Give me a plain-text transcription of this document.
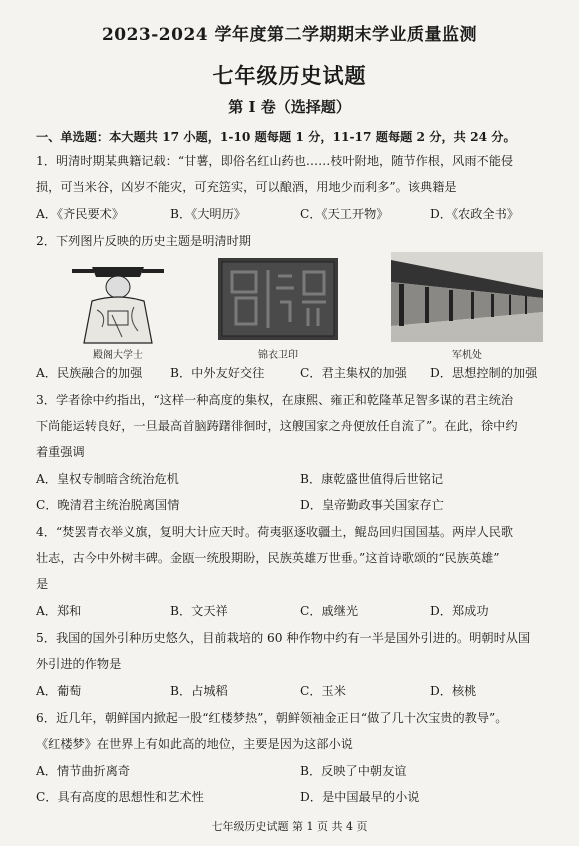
2023-2024 学年度第二学期期末学业质量监测
七年级历史试题
第 I 卷（选择题）
一、单选题：本大题共 17 小题，1-10 题每题 1 分，11-17 题每题 2 分，共 24 分。
1．明清时期某典籍记载：“甘薯，即俗名红山药也……枝叶附地，随节作根，风雨不能侵
损，可当米谷，凶岁不能灾，可充笾实，可以酿酒，用地少而利多”。该典籍是
A．《齐民要术》	B．《大明历》	C．《天工开物》	D．《农政全书》
2．下列图片反映的历史主题是明清时期
殿阁大学士	锦衣卫印	军机处
A．民族融合的加强 B．中外友好交往	C．君主集权的加强 D．思想控制的加强
3．学者徐中约指出，“这样一种高度的集权，在康熙、雍正和乾隆革足智多谋的君主统治
下尚能运转良好，一旦最高首脑踌躇徘徊时，这艘国家之舟便放任自流了”。在此，徐中约
着重强调
A．皇权专制暗含统治危机	B．康乾盛世值得后世铭记
C．晚清君主统治脱离国情	D．皇帝勤政事关国家存亡
4．“焚罢青衣举义旗，复明大计应天时。荷夷驱逐收疆土，鲲岛回归国国基。两岸人民歌
壮志，古今中外树丰碑。金瓯一统殷期盼，民族英雄万世垂。”这首诗歌颂的“民族英雄”
是
A．郑和	B．文天祥	C．戚继光	D．郑成功
5．我国的国外引种历史悠久，目前栽培的 60 种作物中约有一半是国外引进的。明朝时从国
外引进的作物是
A．葡萄	B．占城稻	C．玉米	D．核桃
6．近几年，朝鲜国内掀起一股“红楼梦热”，朝鲜领袖金正日“做了几十次宝贵的教导”。
《红楼梦》在世界上有如此高的地位，主要是因为这部小说
A．情节曲折离奇	B．反映了中朝友谊
C．具有高度的思想性和艺术性	D．是中国最早的小说
七年级历史试题 第 1 页 共 4 页
